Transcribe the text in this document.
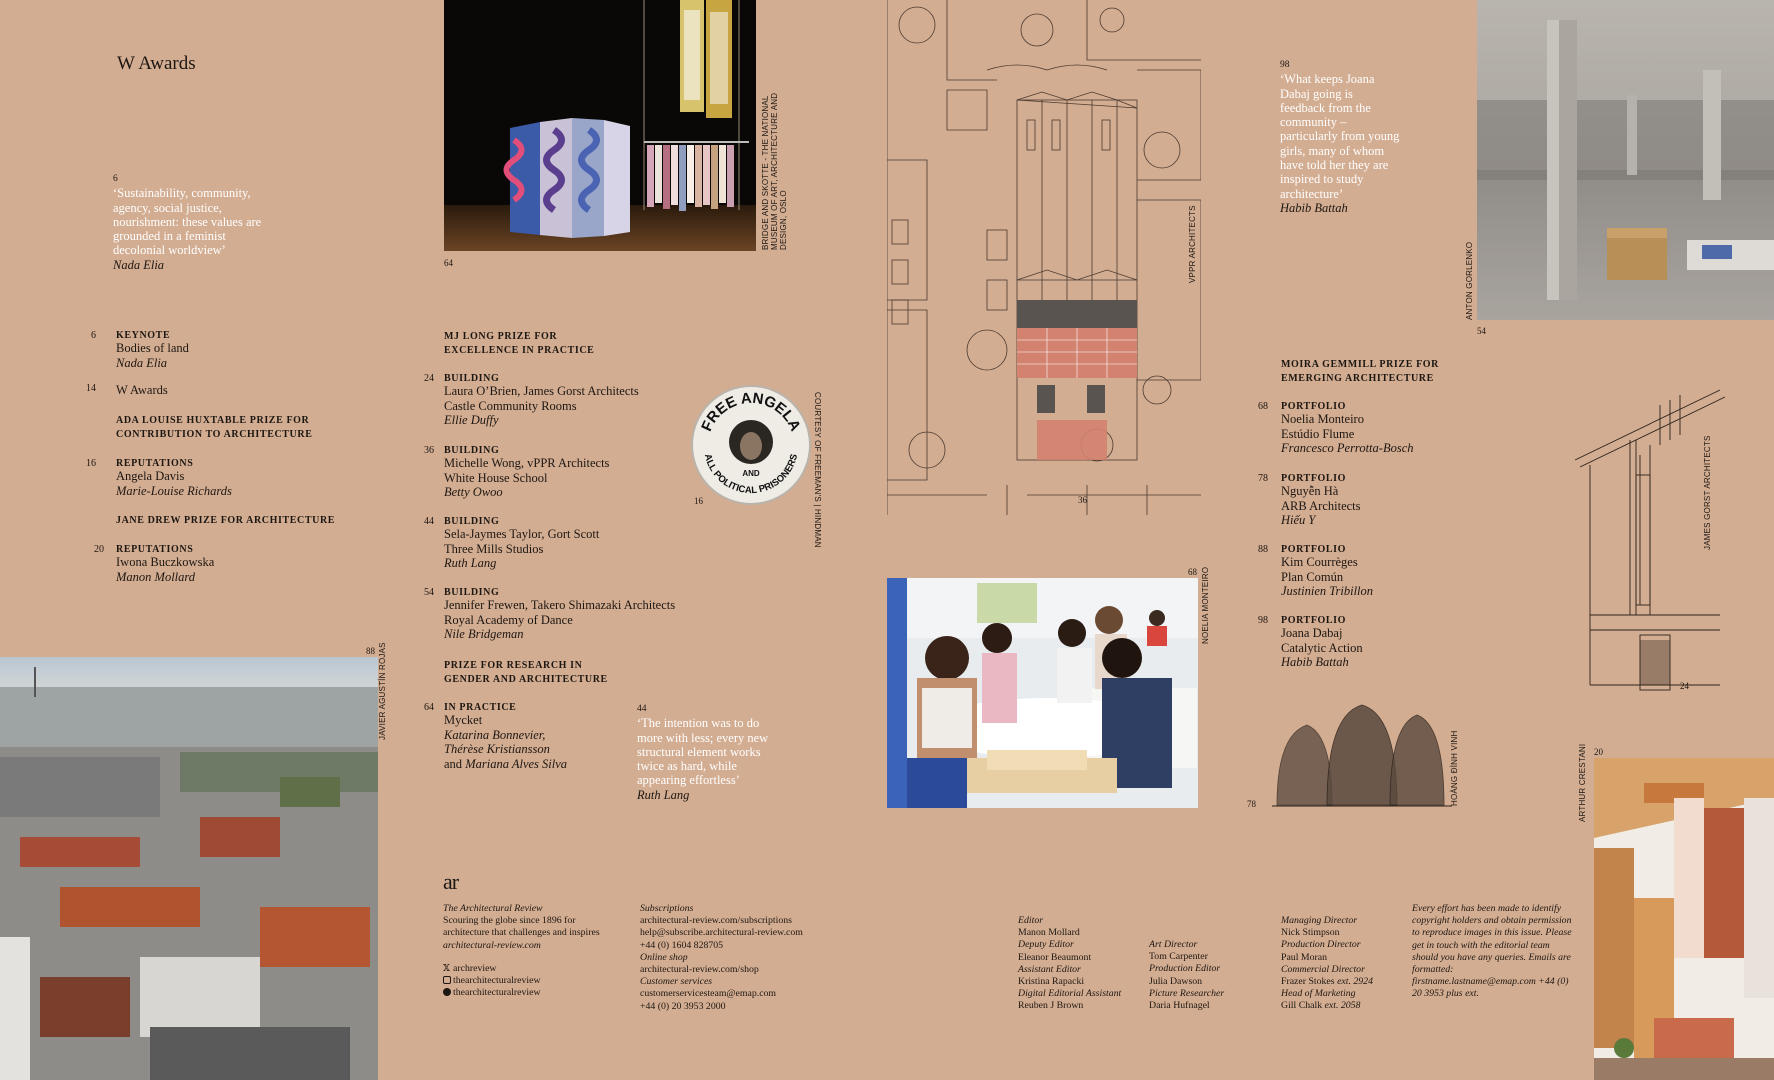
W Awards
6
‘Sustainability, community, agency, social justice, nourishment: these values are grounded in a feminist decolonial worldview’
Nada Elia
6 KEYNOTE
Bodies of land
Nada Elia
14 W Awards
ADA LOUISE HUXTABLE PRIZE FOR CONTRIBUTION TO ARCHITECTURE
16 REPUTATIONS
Angela Davis
Marie-Louise Richards
JANE DREW PRIZE FOR ARCHITECTURE
20 REPUTATIONS
Iwona Buczkowska
Manon Mollard
MJ LONG PRIZE FOR EXCELLENCE IN PRACTICE
24 BUILDING
Laura O’Brien, James Gorst Architects
Castle Community Rooms
Ellie Duffy
36 BUILDING
Michelle Wong, vPPR Architects
White House School
Betty Owoo
44 BUILDING
Sela-Jaymes Taylor, Gort Scott
Three Mills Studios
Ruth Lang
54 BUILDING
Jennifer Frewen, Takero Shimazaki Architects
Royal Academy of Dance
Nile Bridgeman
PRIZE FOR RESEARCH IN GENDER AND ARCHITECTURE
64 IN PRACTICE
Mycket
Katarina Bonnevier,
Thérèse Kristiansson
and Mariana Alves Silva
44
‘The intention was to do more with less; every new structural element works twice as hard, while appearing effortless’
Ruth Lang
64
BRIDGE AND SKOTTE - THE NATIONAL MUSEUM OF ART, ARCHITECTURE AND DESIGN, OSLO
FREE ANGELA
AND
ALL POLITICAL PRISONERS
16	COURTESY OF FREEMAN'S | HINDMAN	36
VPPR ARCHITECTS
54
ANTON GORLENKO
98
‘What keeps Joana Dabaj going is feedback from the community – particularly from young girls, many of whom have told her they are inspired to study architecture’
Habib Battah
MOIRA GEMMILL PRIZE FOR EMERGING ARCHITECTURE
68 PORTFOLIO
Noelia Monteiro
Estúdio Flume
Francesco Perrotta-Bosch
78 PORTFOLIO
Nguyễn Hà
ARB Architects
Hiếu Y
88 PORTFOLIO
Kim Courrèges
Plan Común
Justinien Tribillon
98 PORTFOLIO
Joana Dabaj
Catalytic Action
Habib Battah
24
JAMES GORST ARCHITECTS
68 NOELIA MONTEIRO
78	HOÀNG ĐÌNH VINH
88 JAVIER AGUSTÍN ROJAS
20
ARTHUR CRESTANI
ar
The Architectural Review
Scouring the globe since 1896 for architecture that challenges and inspires
architectural-review.com
𝕏 archreview
thearchitecturalreview
thearchitecturalreview
Subscriptions
architectural-review.com/subscriptions
help@subscribe.architectural-review.com
+44 (0) 1604 828705
Online shop
architectural-review.com/shop
Customer services
customerservicesteam@emap.com
+44 (0) 20 3953 2000
Editor
Manon Mollard
Deputy Editor
Eleanor Beaumont
Assistant Editor
Kristina Rapacki
Digital Editorial Assistant
Reuben J Brown
Art Director
Tom Carpenter
Production Editor
Julia Dawson
Picture Researcher
Daria Hufnagel
Managing Director
Nick Stimpson
Production Director
Paul Moran
Commercial Director
Frazer Stokes ext. 2924
Head of Marketing
Gill Chalk ext. 2058
Every effort has been made to identify copyright holders and obtain permission to reproduce images in this issue. Please get in touch with the editorial team should you have any queries. Emails are formatted: firstname.lastname@emap.com +44 (0) 20 3953 plus ext.
